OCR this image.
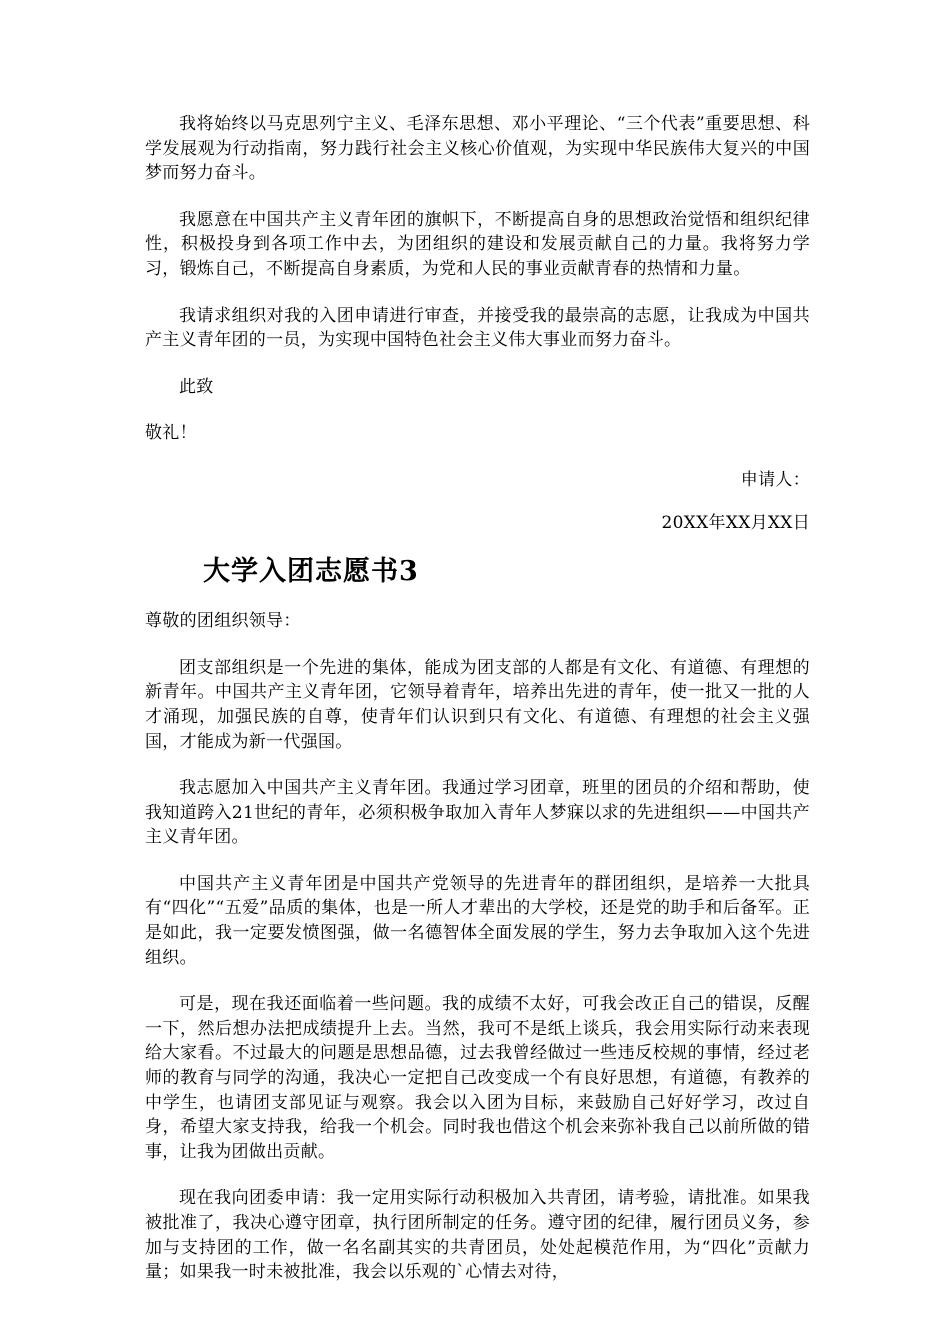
我将始终以马克思列宁主义、毛泽东思想、邓小平理论、“三个代表”重要思想、科学发展观为行动指南，努力践行社会主义核心价值观，为实现中华民族伟大复兴的中国梦而努力奋斗。

我愿意在中国共产主义青年团的旗帜下，不断提高自身的思想政治觉悟和组织纪律性，积极投身到各项工作中去，为团组织的建设和发展贡献自己的力量。我将努力学习，锻炼自己，不断提高自身素质，为党和人民的事业贡献青春的热情和力量。

我请求组织对我的入团申请进行审查，并接受我的最崇高的志愿，让我成为中国共产主义青年团的一员，为实现中国特色社会主义伟大事业而努力奋斗。

此致

敬礼！

申请人：

20XX年XX月XX日

大学入团志愿书3

尊敬的团组织领导：

团支部组织是一个先进的集体，能成为团支部的人都是有文化、有道德、有理想的新青年。中国共产主义青年团，它领导着青年，培养出先进的青年，使一批又一批的人才涌现，加强民族的自尊，使青年们认识到只有文化、有道德、有理想的社会主义强国，才能成为新一代强国。

我志愿加入中国共产主义青年团。我通过学习团章，班里的团员的介绍和帮助，使我知道跨入21世纪的青年，必须积极争取加入青年人梦寐以求的先进组织——中国共产主义青年团。

中国共产主义青年团是中国共产党领导的先进青年的群团组织，是培养一大批具有“四化”“五爱”品质的集体，也是一所人才辈出的大学校，还是党的助手和后备军。正是如此，我一定要发愤图强，做一名德智体全面发展的学生，努力去争取加入这个先进组织。

可是，现在我还面临着一些问题。我的成绩不太好，可我会改正自己的错误，反醒一下，然后想办法把成绩提升上去。当然，我可不是纸上谈兵，我会用实际行动来表现给大家看。不过最大的问题是思想品德，过去我曾经做过一些违反校规的事情，经过老师的教育与同学的沟通，我决心一定把自己改变成一个有良好思想，有道德，有教养的中学生，也请团支部见证与观察。我会以入团为目标，来鼓励自己好好学习，改过自身，希望大家支持我，给我一个机会。同时我也借这个机会来弥补我自己以前所做的错事，让我为团做出贡献。

现在我向团委申请：我一定用实际行动积极加入共青团，请考验，请批准。如果我被批准了，我决心遵守团章，执行团所制定的任务。遵守团的纪律，履行团员义务，参加与支持团的工作，做一名名副其实的共青团员，处处起模范作用，为“四化”贡献力量；如果我一时未被批准，我会以乐观的`心情去对待，
